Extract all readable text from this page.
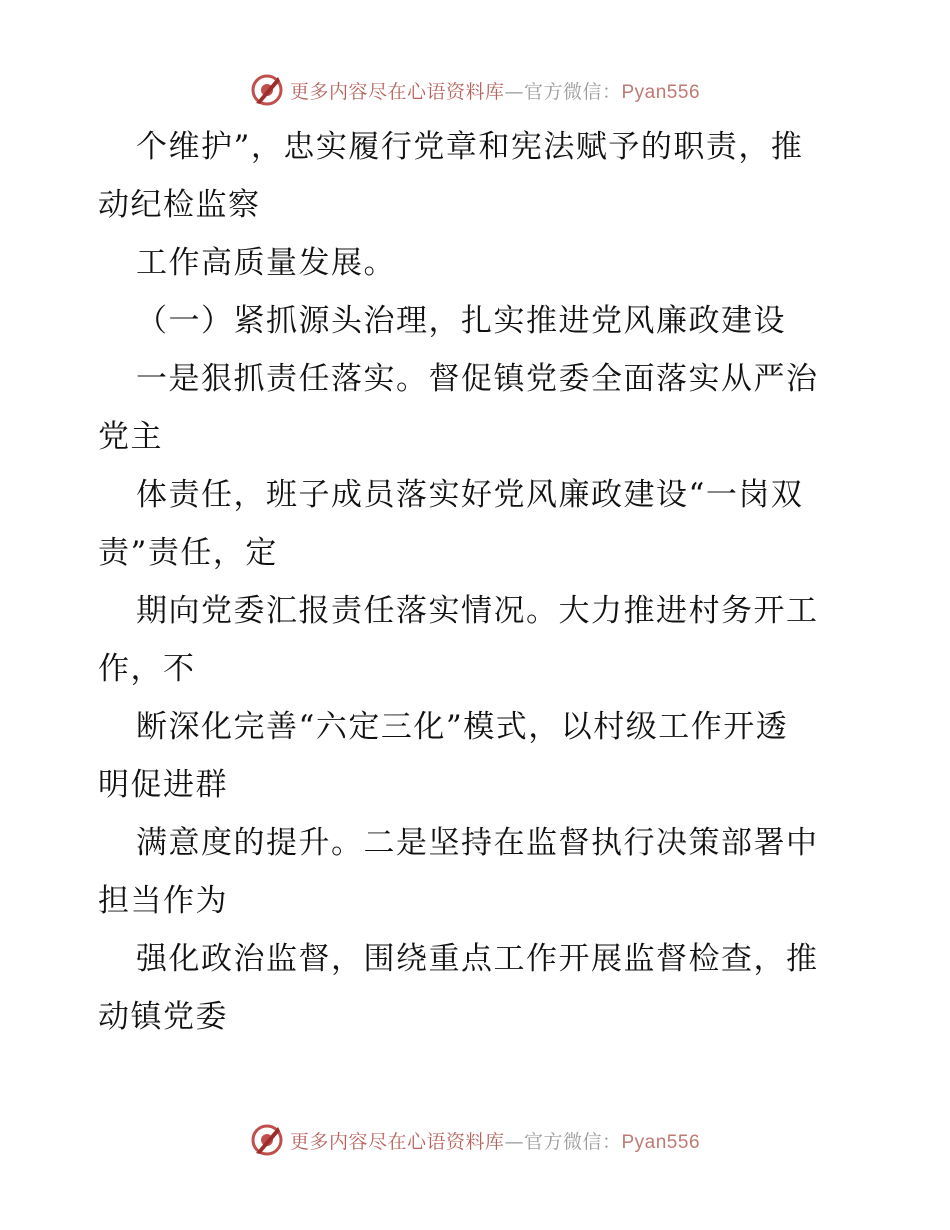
更多内容尽在心语资料库—官方微信：Pyan556
个维护”，忠实履行党章和宪法赋予的职责，推
动纪检监察
工作高质量发展。
（一）紧抓源头治理，扎实推进党风廉政建设
一是狠抓责任落实。督促镇党委全面落实从严治
党主
体责任，班子成员落实好党风廉政建设“一岗双
责”责任，定
期向党委汇报责任落实情况。大力推进村务开工
作，不
断深化完善“六定三化”模式，以村级工作开透
明促进群
满意度的提升。二是坚持在监督执行决策部署中
担当作为
强化政治监督，围绕重点工作开展监督检查，推
动镇党委
更多内容尽在心语资料库—官方微信：Pyan556
